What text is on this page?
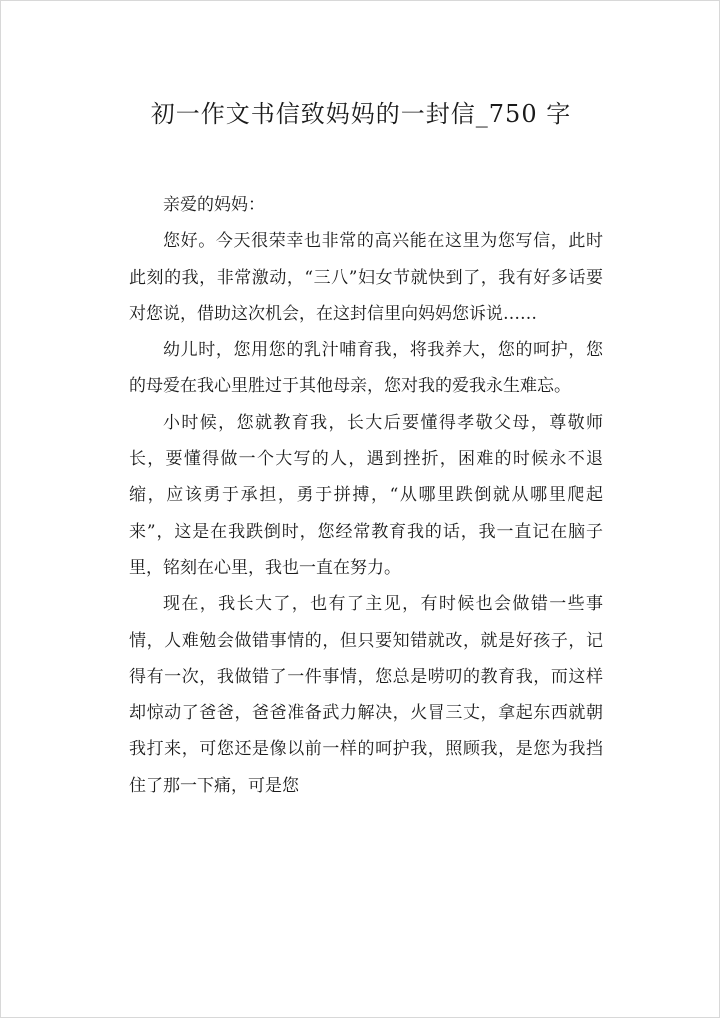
初一作文书信致妈妈的一封信_750 字

亲爱的妈妈：

您好。今天很荣幸也非常的高兴能在这里为您写信，此时此刻的我，非常激动，“三八”妇女节就快到了，我有好多话要对您说，借助这次机会，在这封信里向妈妈您诉说……

幼儿时，您用您的乳汁哺育我，将我养大，您的呵护，您的母爱在我心里胜过于其他母亲，您对我的爱我永生难忘。

小时候，您就教育我，长大后要懂得孝敬父母，尊敬师长，要懂得做一个大写的人，遇到挫折，困难的时候永不退缩，应该勇于承担，勇于拼搏，“从哪里跌倒就从哪里爬起来”，这是在我跌倒时，您经常教育我的话，我一直记在脑子里，铭刻在心里，我也一直在努力。

现在，我长大了，也有了主见，有时候也会做错一些事情，人难勉会做错事情的，但只要知错就改，就是好孩子，记得有一次，我做错了一件事情，您总是唠叨的教育我，而这样却惊动了爸爸，爸爸准备武力解决，火冒三丈，拿起东西就朝我打来，可您还是像以前一样的呵护我，照顾我，是您为我挡住了那一下痛，可是您
